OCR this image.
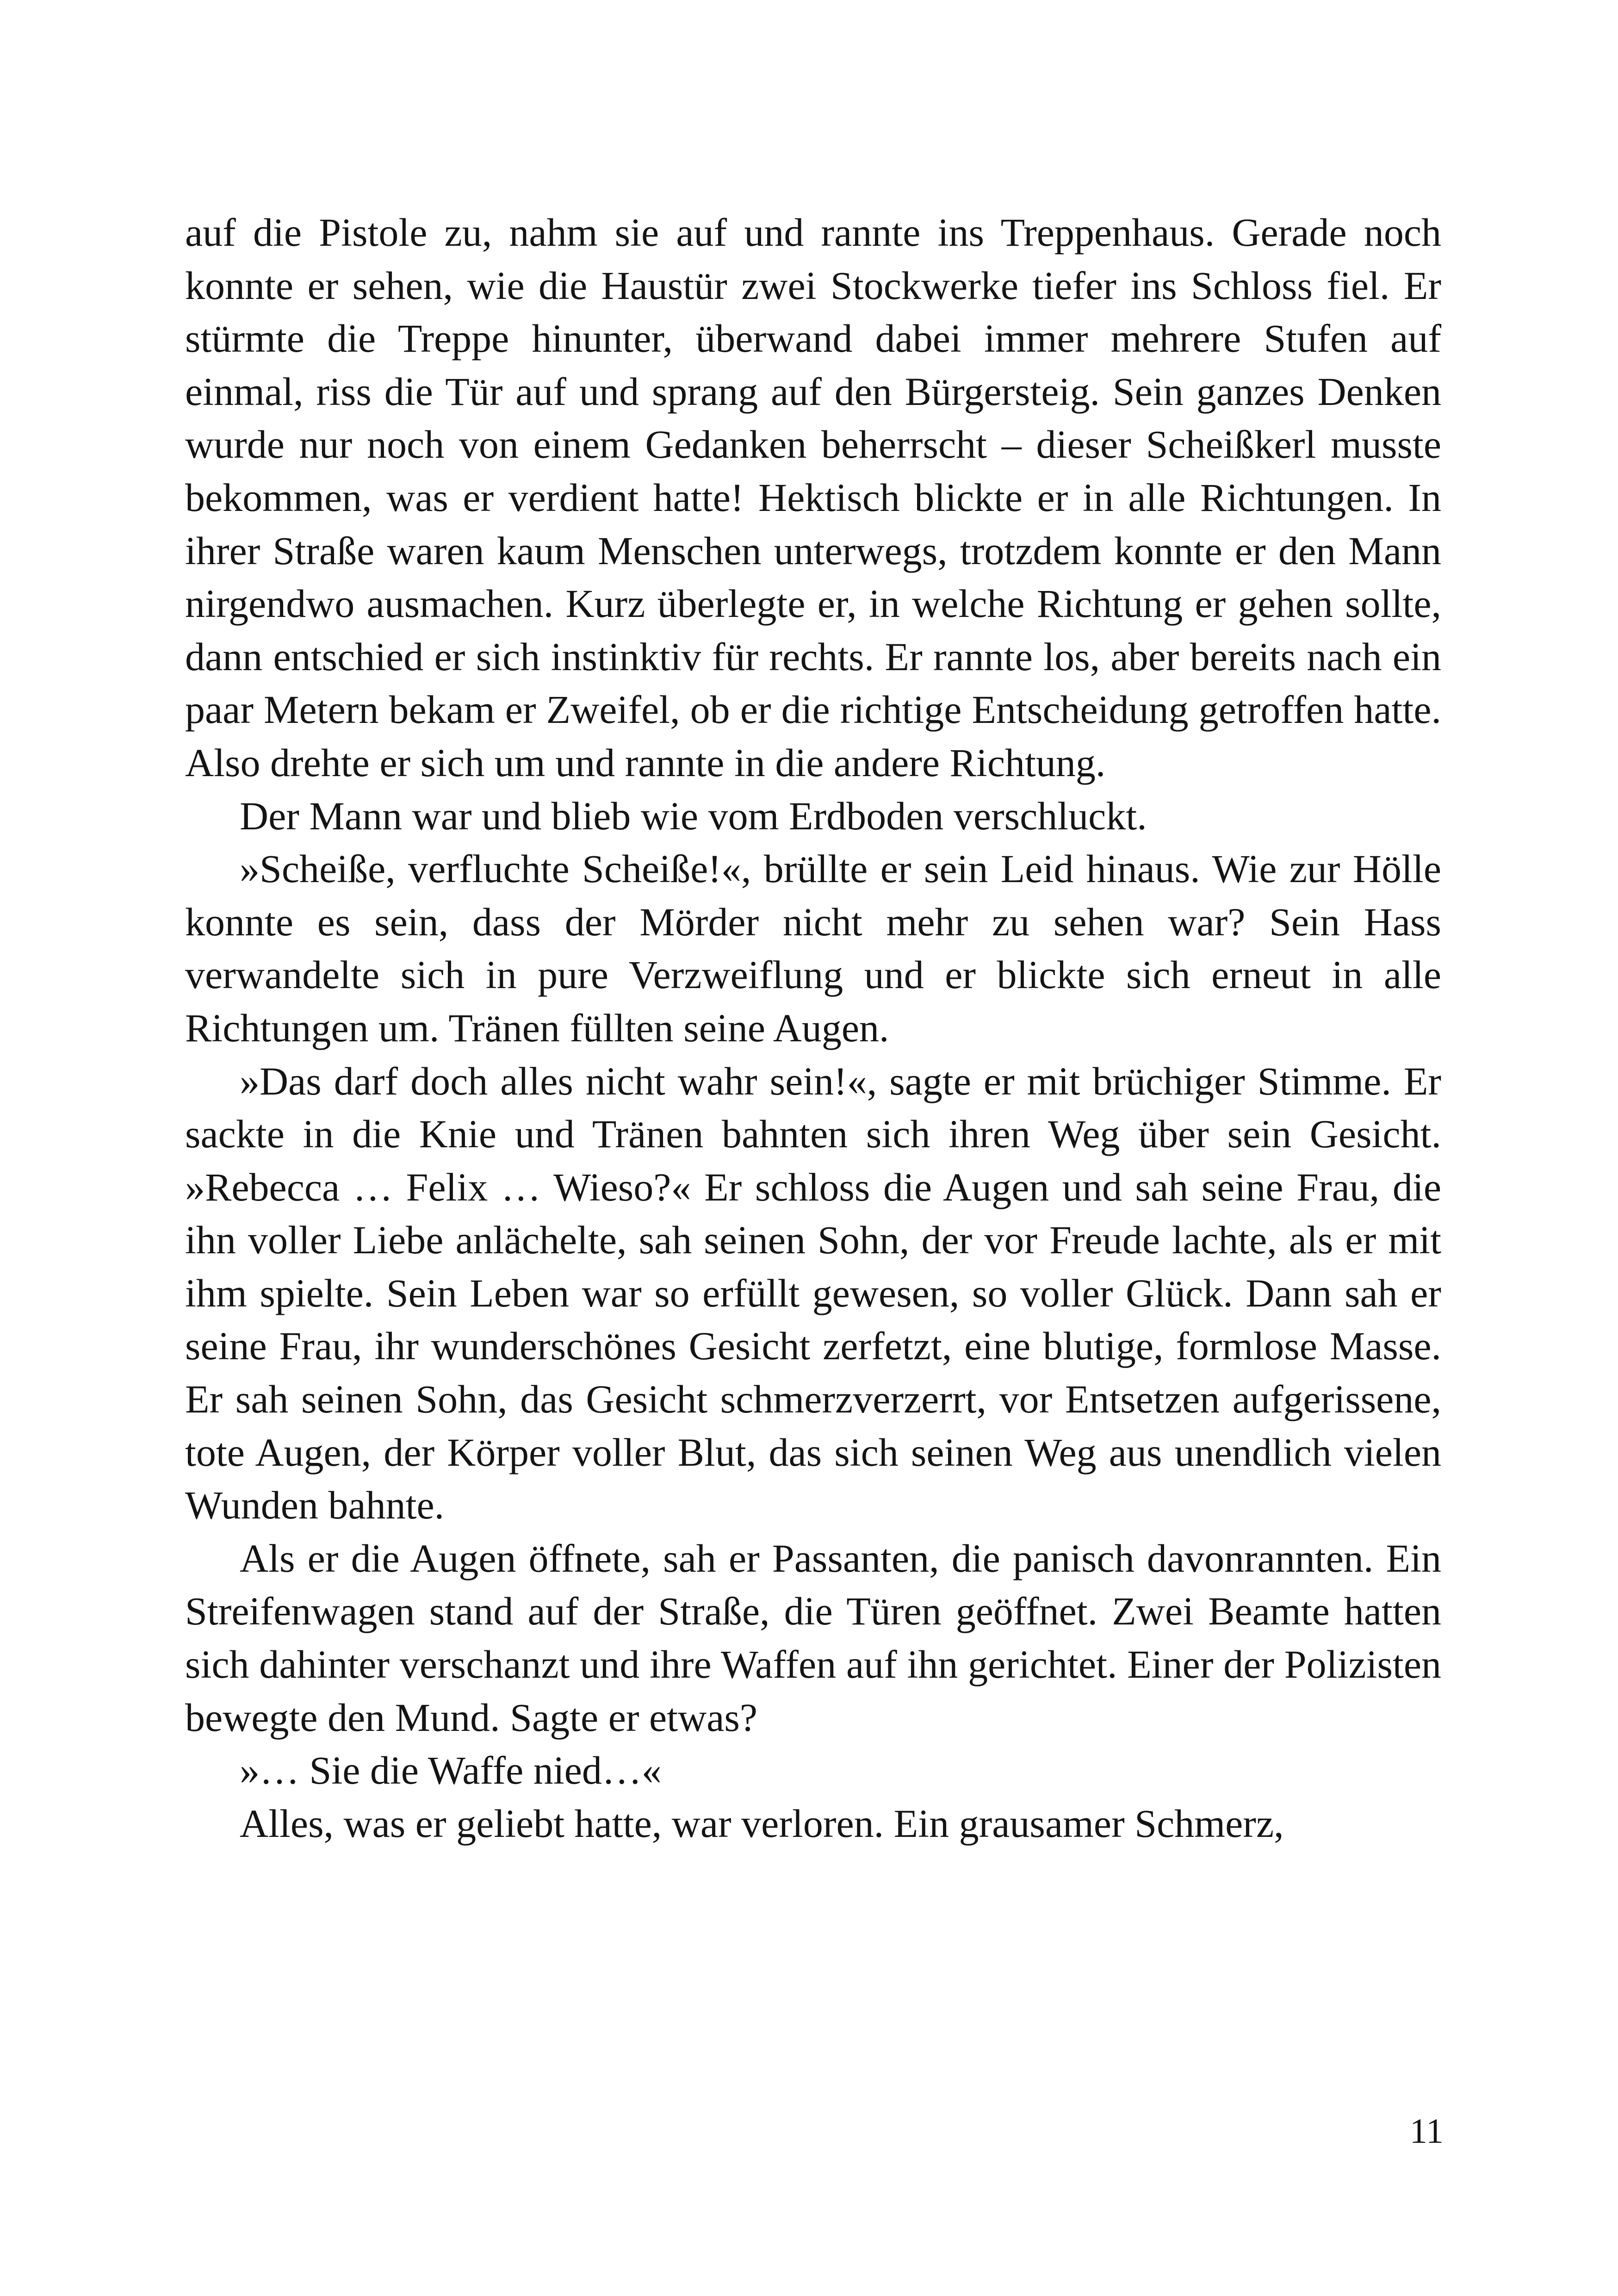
auf die Pistole zu, nahm sie auf und rannte ins Treppenhaus. Gerade noch konnte er sehen, wie die Haustür zwei Stockwerke tiefer ins Schloss fiel. Er stürmte die Treppe hinunter, überwand dabei immer mehrere Stufen auf einmal, riss die Tür auf und sprang auf den Bürgersteig. Sein ganzes Denken wurde nur noch von einem Gedanken beherrscht – dieser Scheißkerl musste bekommen, was er verdient hatte! Hektisch blickte er in alle Richtungen. In ihrer Straße waren kaum Menschen unterwegs, trotzdem konnte er den Mann nirgendwo ausmachen. Kurz überlegte er, in welche Richtung er gehen sollte, dann entschied er sich instinktiv für rechts. Er rannte los, aber bereits nach ein paar Metern bekam er Zweifel, ob er die richtige Entscheidung getroffen hatte. Also drehte er sich um und rannte in die andere Richtung.

Der Mann war und blieb wie vom Erdboden verschluckt.

»Scheiße, verfluchte Scheiße!«, brüllte er sein Leid hinaus. Wie zur Hölle konnte es sein, dass der Mörder nicht mehr zu sehen war? Sein Hass verwandelte sich in pure Verzweiflung und er blickte sich erneut in alle Richtungen um. Tränen füllten seine Augen.

»Das darf doch alles nicht wahr sein!«, sagte er mit brüchiger Stimme. Er sackte in die Knie und Tränen bahnten sich ihren Weg über sein Gesicht. »Rebecca … Felix … Wieso?« Er schloss die Augen und sah seine Frau, die ihn voller Liebe anlächelte, sah seinen Sohn, der vor Freude lachte, als er mit ihm spielte. Sein Leben war so erfüllt gewesen, so voller Glück. Dann sah er seine Frau, ihr wunderschönes Gesicht zerfetzt, eine blutige, formlose Masse. Er sah seinen Sohn, das Gesicht schmerzverzerrt, vor Entsetzen aufgerissene, tote Augen, der Körper voller Blut, das sich seinen Weg aus unendlich vielen Wunden bahnte.

Als er die Augen öffnete, sah er Passanten, die panisch davonrannten. Ein Streifenwagen stand auf der Straße, die Türen geöffnet. Zwei Beamte hatten sich dahinter verschanzt und ihre Waffen auf ihn gerichtet. Einer der Polizisten bewegte den Mund. Sagte er etwas?

»… Sie die Waffe nied…«

Alles, was er geliebt hatte, war verloren. Ein grausamer Schmerz,

11
